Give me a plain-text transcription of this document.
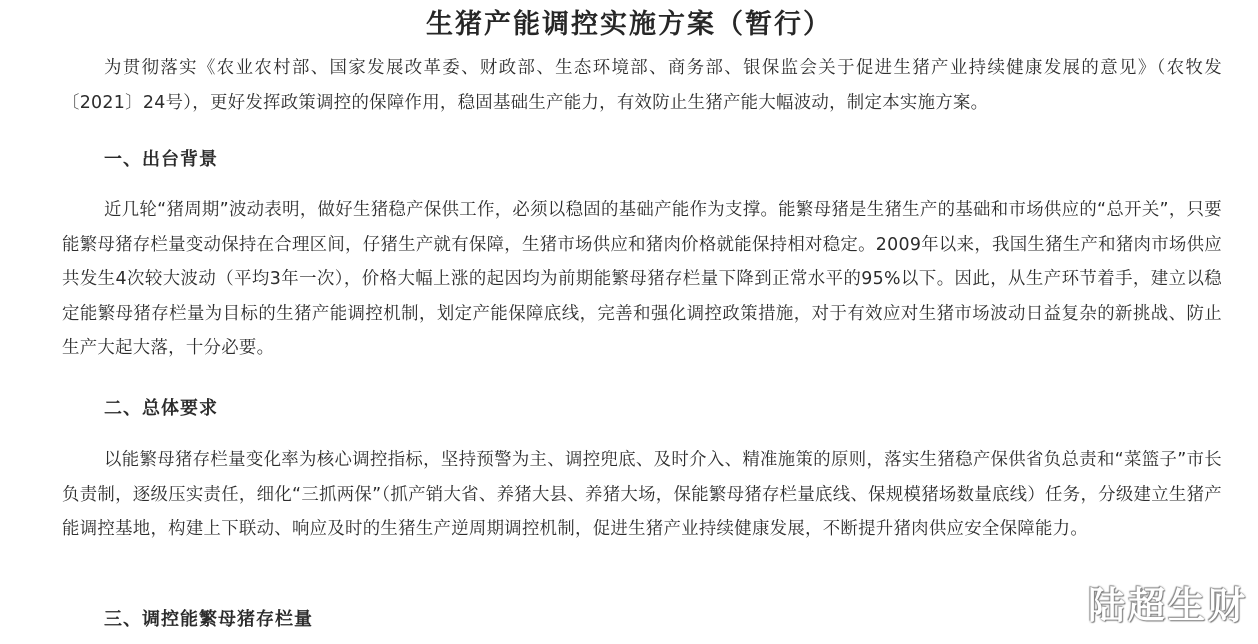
生猪产能调控实施方案（暂行）

为贯彻落实《农业农村部、国家发展改革委、财政部、生态环境部、商务部、银保监会关于促进生猪产业持续健康发展的意见》（农牧发〔2021〕24号），更好发挥政策调控的保障作用，稳固基础生产能力，有效防止生猪产能大幅波动，制定本实施方案。

一、出台背景

近几轮“猪周期”波动表明，做好生猪稳产保供工作，必须以稳固的基础产能作为支撑。能繁母猪是生猪生产的基础和市场供应的“总开关”，只要能繁母猪存栏量变动保持在合理区间，仔猪生产就有保障，生猪市场供应和猪肉价格就能保持相对稳定。2009年以来，我国生猪生产和猪肉市场供应共发生4次较大波动（平均3年一次），价格大幅上涨的起因均为前期能繁母猪存栏量下降到正常水平的95%以下。因此，从生产环节着手，建立以稳定能繁母猪存栏量为目标的生猪产能调控机制，划定产能保障底线，完善和强化调控政策措施，对于有效应对生猪市场波动日益复杂的新挑战、防止生产大起大落，十分必要。

二、总体要求

以能繁母猪存栏量变化率为核心调控指标，坚持预警为主、调控兜底、及时介入、精准施策的原则，落实生猪稳产保供省负总责和“菜篮子”市长负责制，逐级压实责任，细化“三抓两保”（抓产销大省、养猪大县、养猪大场，保能繁母猪存栏量底线、保规模猪场数量底线）任务，分级建立生猪产能调控基地，构建上下联动、响应及时的生猪生产逆周期调控机制，促进生猪产业持续健康发展，不断提升猪肉供应安全保障能力。

三、调控能繁母猪存栏量	陆超生财
